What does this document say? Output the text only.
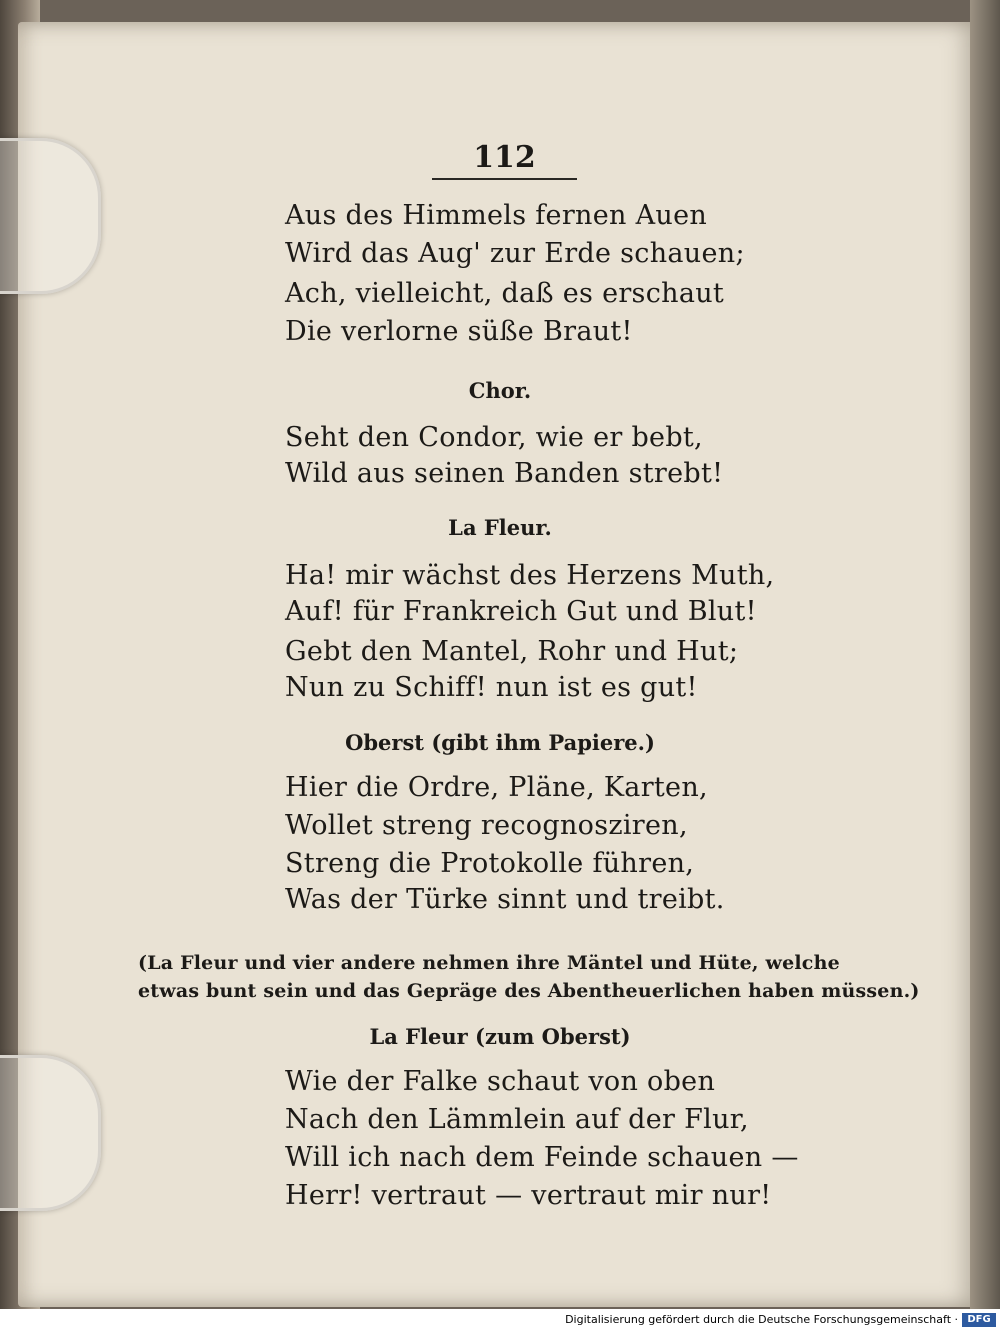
112
Aus des Himmels fernen Auen
Wird das Aug' zur Erde schauen;
Ach, vielleicht, daß es erschaut
Die verlorne süße Braut!
Chor.
Seht den Condor, wie er bebt,
Wild aus seinen Banden strebt!
La Fleur.
Ha! mir wächst des Herzens Muth,
Auf! für Frankreich Gut und Blut!
Gebt den Mantel, Rohr und Hut;
Nun zu Schiff! nun ist es gut!
Oberst (gibt ihm Papiere.)
Hier die Ordre, Pläne, Karten,
Wollet streng recognosziren,
Streng die Protokolle führen,
Was der Türke sinnt und treibt.
(La Fleur und vier andere nehmen ihre Mäntel und Hüte, welche
etwas bunt sein und das Gepräge des Abentheuerlichen haben müssen.)
La Fleur (zum Oberst)
Wie der Falke schaut von oben
Nach den Lämmlein auf der Flur,
Will ich nach dem Feinde schauen —
Herr! vertraut — vertraut mir nur!
Digitalisierung gefördert durch die Deutsche Forschungsgemeinschaft · DFG
